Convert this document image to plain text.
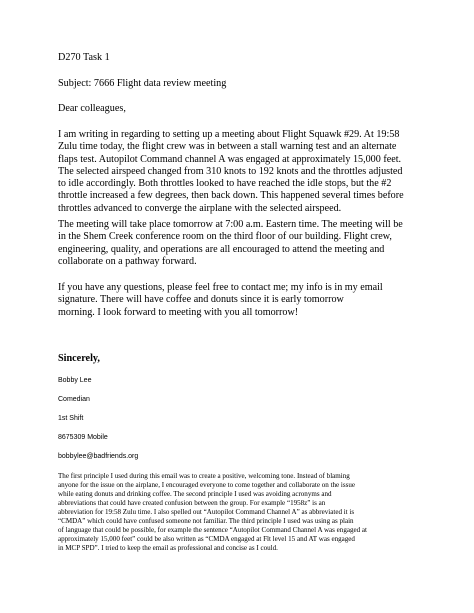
D270 Task 1
Subject: 7666 Flight data review meeting
Dear colleagues,

I am writing in regarding to setting up a meeting about Flight Squawk #29. At 19:58
Zulu time today, the flight crew was in between a stall warning test and an alternate
flaps test. Autopilot Command channel A was engaged at approximately 15,000 feet.
The selected airspeed changed from 310 knots to 192 knots and the throttles adjusted
to idle accordingly. Both throttles looked to have reached the idle stops, but the #2
throttle increased a few degrees, then back down. This happened several times before
throttles advanced to converge the airplane with the selected airspeed.

The meeting will take place tomorrow at 7:00 a.m. Eastern time. The meeting will be
in the Shem Creek conference room on the third floor of our building. Flight crew,
engineering, quality, and operations are all encouraged to attend the meeting and
collaborate on a pathway forward.

If you have any questions, please feel free to contact me; my info is in my email
signature. There will have coffee and donuts since it is early tomorrow
morning. I look forward to meeting with you all tomorrow!

Sincerely,
Bobby Lee
Comedian
1st Shift
8675309 Mobile
bobbylee@badfriends.org

The first principle I used during this email was to create a positive, welcoming tone. Instead of blaming
anyone for the issue on the airplane, I encouraged everyone to come together and collaborate on the issue
while eating donuts and drinking coffee. The second principle I used was avoiding acronyms and
abbreviations that could have created confusion between the group. For example “1958z” is an
abbreviation for 19:58 Zulu time. I also spelled out “Autopilot Command Channel A” as abbreviated it is
“CMDA” which could have confused someone not familiar. The third principle I used was using as plain
of language that could be possible, for example the sentence “Autopilot Command Channel A was engaged at
approximately 15,000 feet” could be also written as “CMDA engaged at Flt level 15 and AT was engaged
in MCP SPD”. I tried to keep the email as professional and concise as I could.
